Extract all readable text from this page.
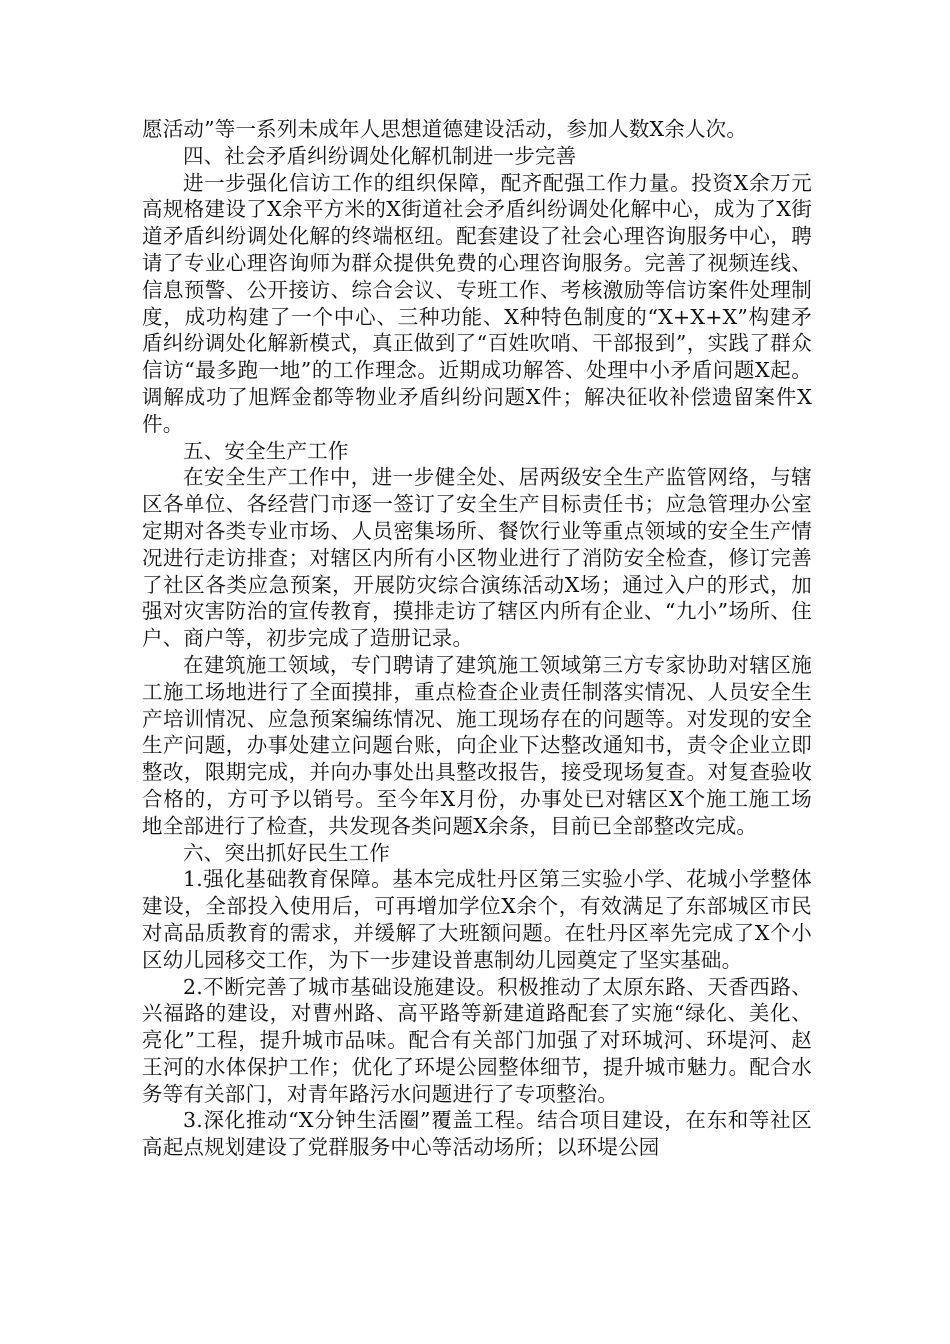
愿活动”等一系列未成年人思想道德建设活动，参加人数X余人次。

四、社会矛盾纠纷调处化解机制进一步完善

进一步强化信访工作的组织保障，配齐配强工作力量。投资X余万元高规格建设了X余平方米的X街道社会矛盾纠纷调处化解中心，成为了X街道矛盾纠纷调处化解的终端枢纽。配套建设了社会心理咨询服务中心，聘请了专业心理咨询师为群众提供免费的心理咨询服务。完善了视频连线、信息预警、公开接访、综合会议、专班工作、考核激励等信访案件处理制度，成功构建了一个中心、三种功能、X种特色制度的“X+X+X”构建矛盾纠纷调处化解新模式，真正做到了“百姓吹哨、干部报到”，实践了群众信访“最多跑一地”的工作理念。近期成功解答、处理中小矛盾问题X起。调解成功了旭辉金都等物业矛盾纠纷问题X件；解决征收补偿遗留案件X件。

五、安全生产工作

在安全生产工作中，进一步健全处、居两级安全生产监管网络，与辖区各单位、各经营门市逐一签订了安全生产目标责任书；应急管理办公室定期对各类专业市场、人员密集场所、餐饮行业等重点领域的安全生产情况进行走访排查；对辖区内所有小区物业进行了消防安全检查，修订完善了社区各类应急预案，开展防灾综合演练活动X场；通过入户的形式，加强对灾害防治的宣传教育，摸排走访了辖区内所有企业、“九小”场所、住户、商户等，初步完成了造册记录。

在建筑施工领域，专门聘请了建筑施工领域第三方专家协助对辖区施工施工场地进行了全面摸排，重点检查企业责任制落实情况、人员安全生产培训情况、应急预案编练情况、施工现场存在的问题等。对发现的安全生产问题，办事处建立问题台账，向企业下达整改通知书，责令企业立即整改，限期完成，并向办事处出具整改报告，接受现场复查。对复查验收合格的，方可予以销号。至今年X月份，办事处已对辖区X个施工施工场地全部进行了检查，共发现各类问题X余条，目前已全部整改完成。

六、突出抓好民生工作

1.强化基础教育保障。基本完成牡丹区第三实验小学、花城小学整体建设，全部投入使用后，可再增加学位X余个，有效满足了东部城区市民对高品质教育的需求，并缓解了大班额问题。在牡丹区率先完成了X个小区幼儿园移交工作，为下一步建设普惠制幼儿园奠定了坚实基础。

2.不断完善了城市基础设施建设。积极推动了太原东路、天香西路、兴福路的建设，对曹州路、高平路等新建道路配套了实施“绿化、美化、亮化”工程，提升城市品味。配合有关部门加强了对环城河、环堤河、赵王河的水体保护工作；优化了环堤公园整体细节，提升城市魅力。配合水务等有关部门，对青年路污水问题进行了专项整治。

3.深化推动“X分钟生活圈”覆盖工程。结合项目建设，在东和等社区高起点规划建设了党群服务中心等活动场所；以环堤公园
